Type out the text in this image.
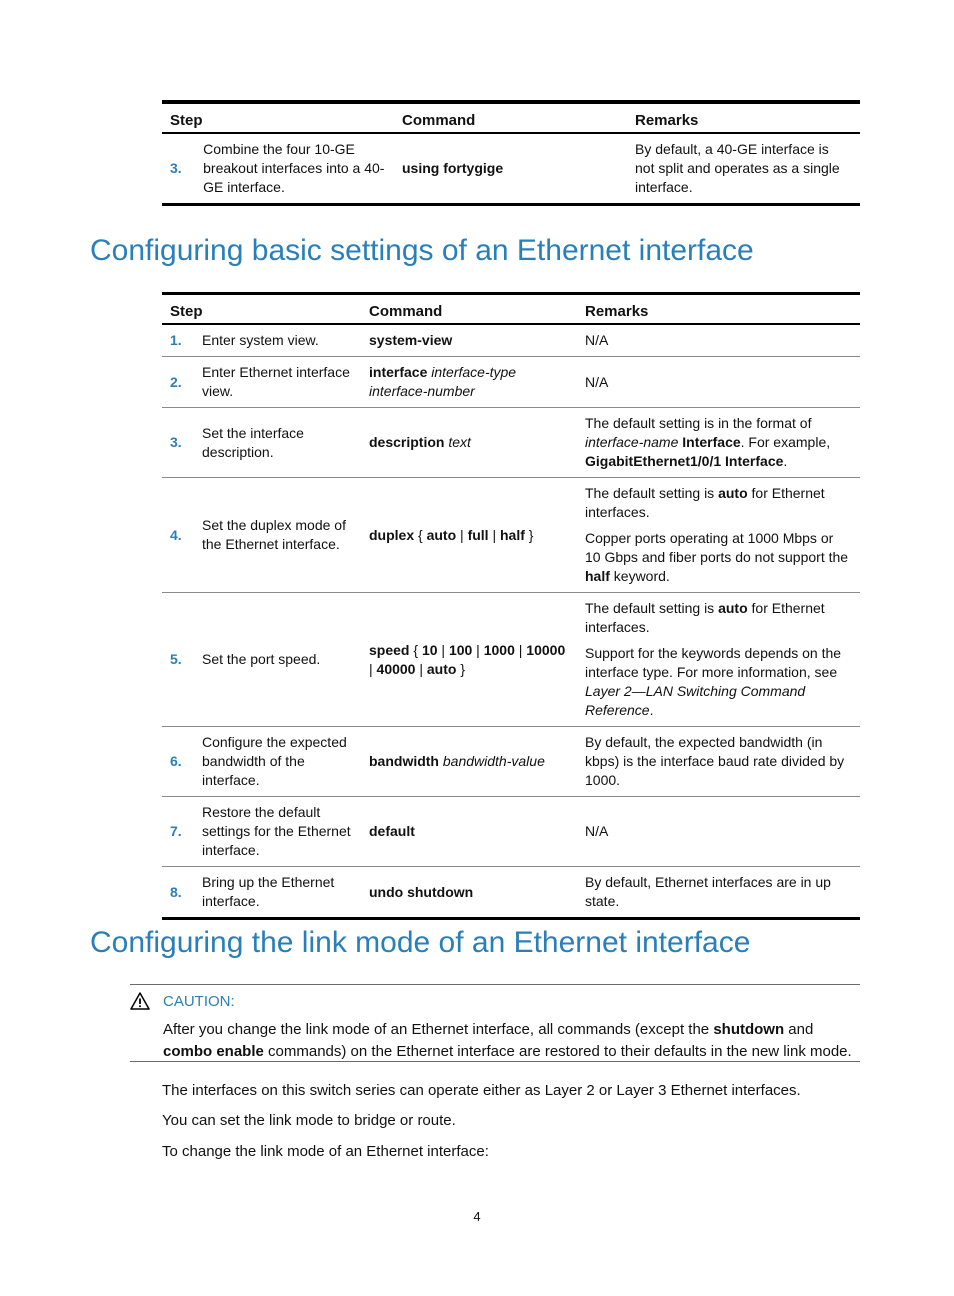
Step		Command	Remarks
3.	Combine the four 10-GE breakout interfaces into a 40-GE interface.	using fortygige	By default, a 40-GE interface is not split and operates as a single interface.
Configuring basic settings of an Ethernet interface
Step		Command	Remarks
1.	Enter system view.	system-view	N/A
2.	Enter Ethernet interface view.	interface interface-type interface-number	N/A
3.	Set the interface description.	description text	The default setting is in the format of interface-name Interface. For example, GigabitEthernet1/0/1 Interface.
4.	Set the duplex mode of the Ethernet interface.	duplex { auto | full | half }	The default setting is auto for Ethernet interfaces.

Copper ports operating at 1000 Mbps or 10 Gbps and fiber ports do not support the half keyword.

5.	Set the port speed.	speed { 10 | 100 | 1000 | 10000 | 40000 | auto }	The default setting is auto for Ethernet interfaces.

Support for the keywords depends on the interface type. For more information, see Layer 2—LAN Switching Command Reference.

6.	Configure the expected bandwidth of the interface.	bandwidth bandwidth-value	By default, the expected bandwidth (in kbps) is the interface baud rate divided by 1000.
7.	Restore the default settings for the Ethernet interface.	default	N/A
8.	Bring up the Ethernet interface.	undo shutdown	By default, Ethernet interfaces are in up state.
Configuring the link mode of an Ethernet interface
CAUTION:
After you change the link mode of an Ethernet interface, all commands (except the shutdown and combo enable commands) on the Ethernet interface are restored to their defaults in the new link mode.

The interfaces on this switch series can operate either as Layer 2 or Layer 3 Ethernet interfaces.

You can set the link mode to bridge or route.

To change the link mode of an Ethernet interface:

4
